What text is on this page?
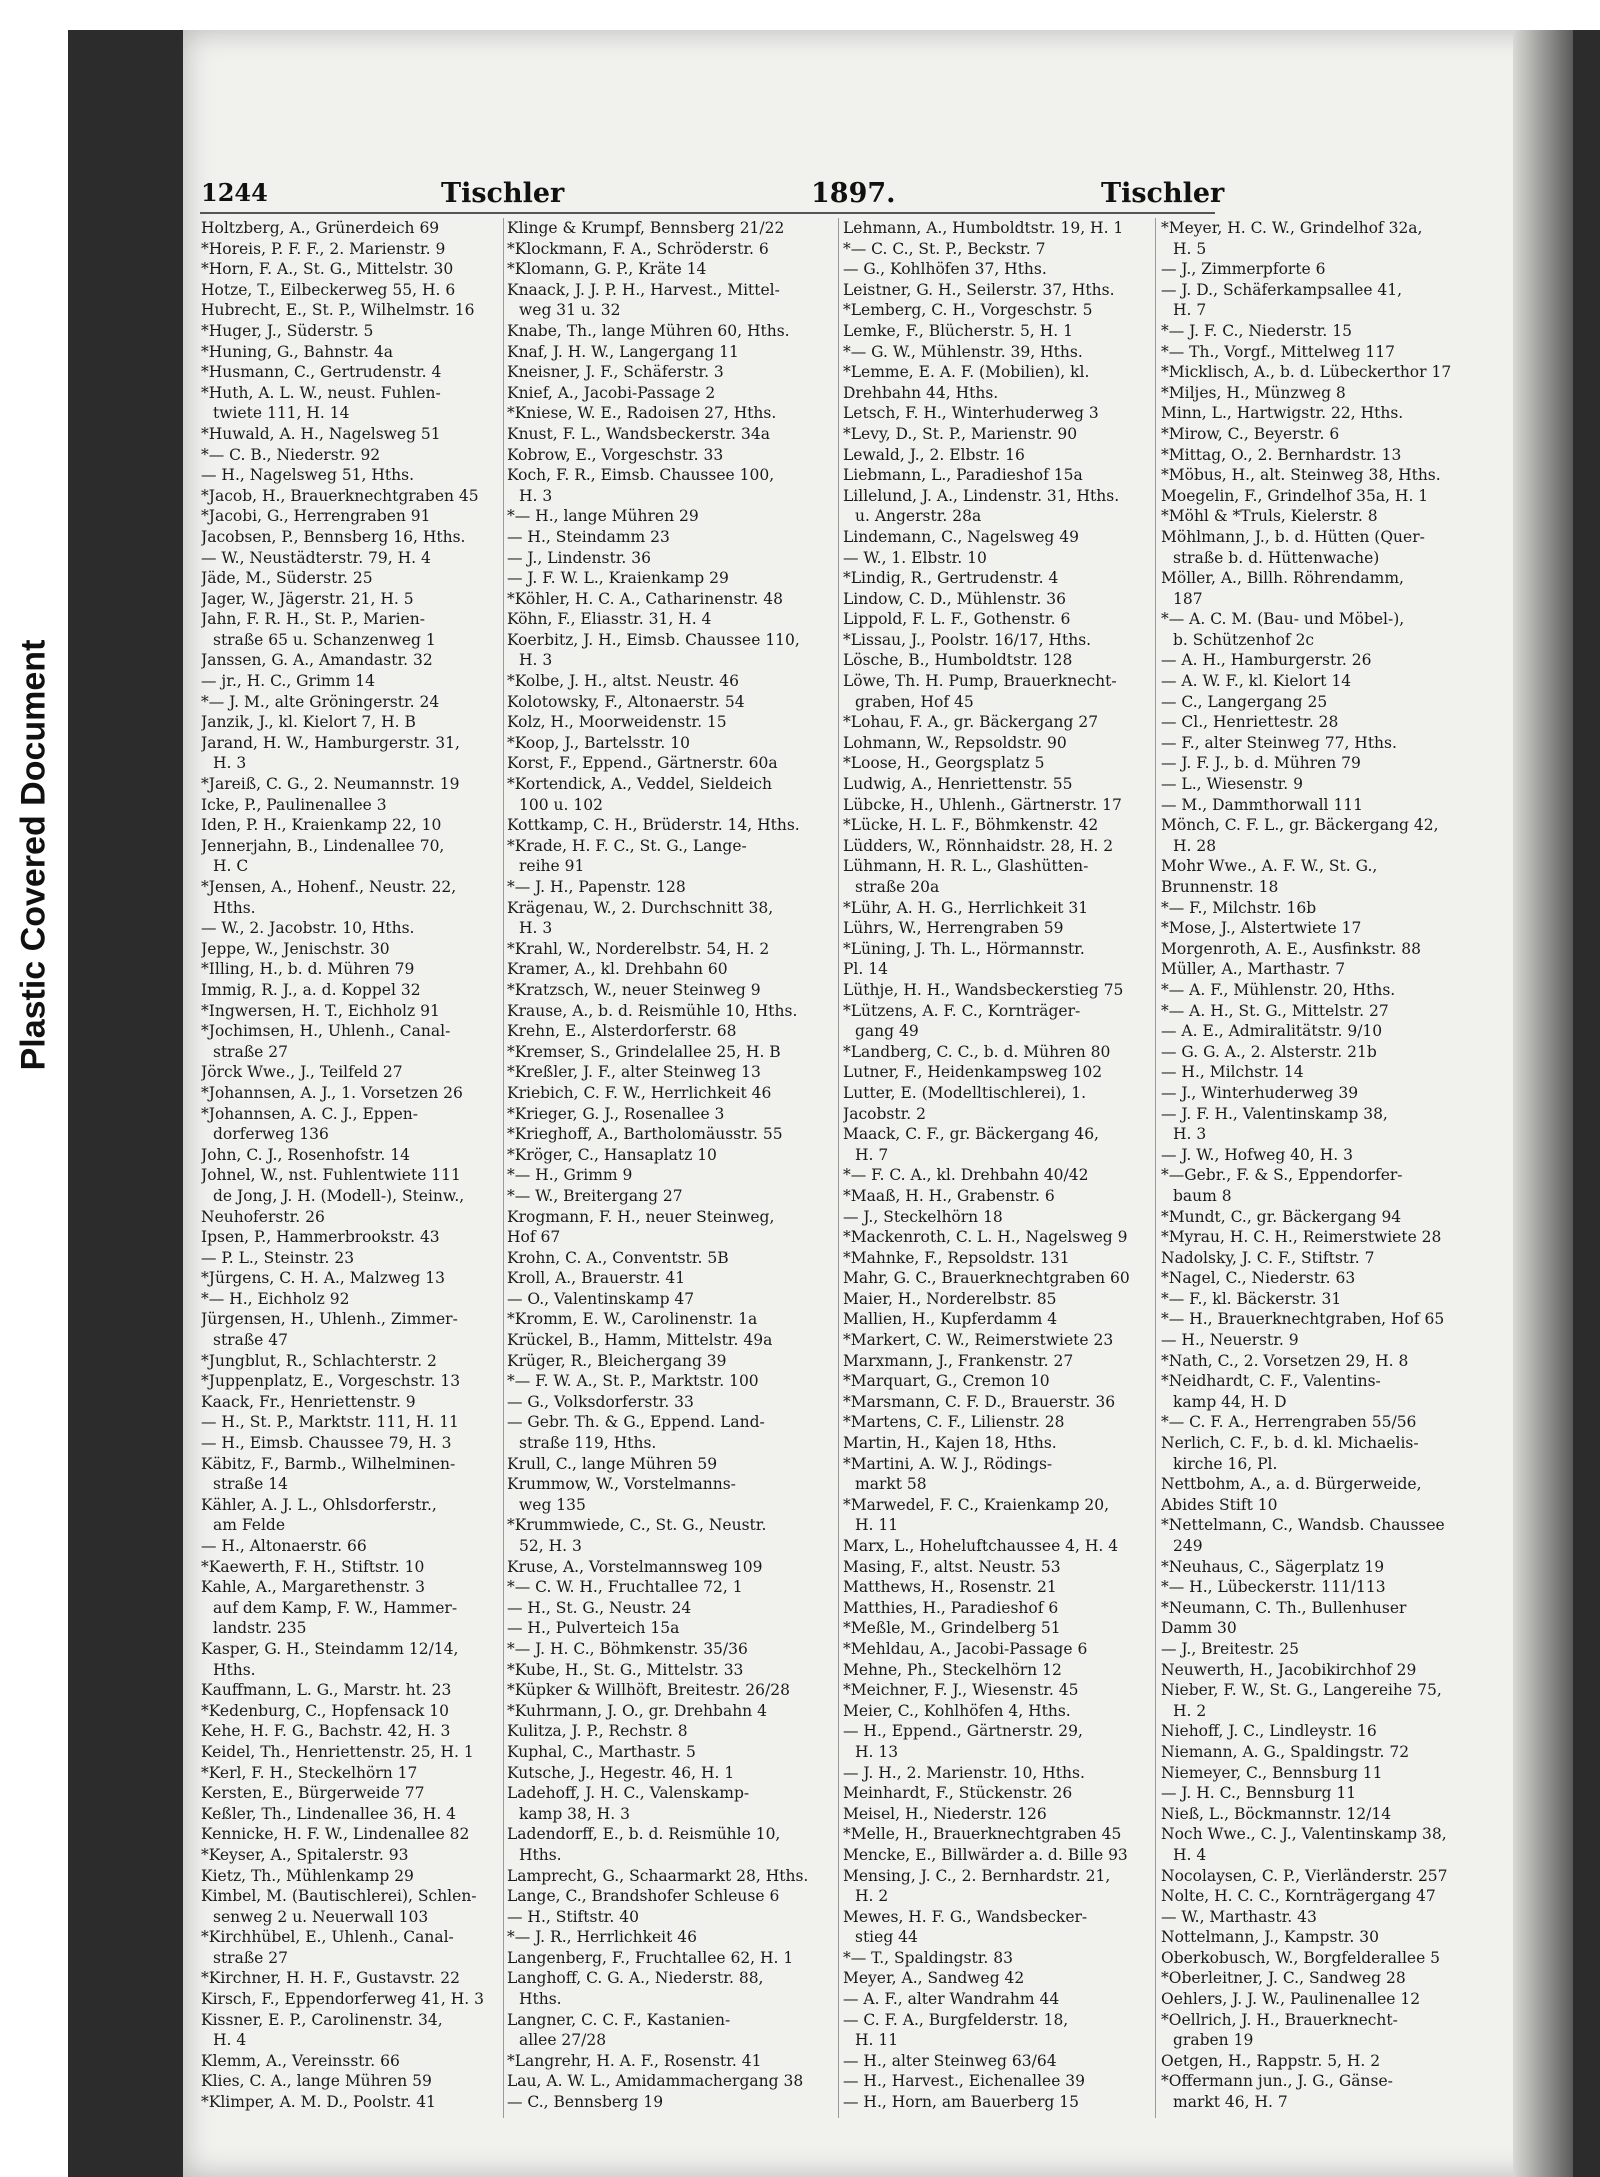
Plastic Covered Document
1244	Tischler	1897.	Tischler
Holtzberg, A., Grünerdeich 69
*Horeis, P. F. F., 2. Marienstr. 9
*Horn, F. A., St. G., Mittelstr. 30
Hotze, T., Eilbeckerweg 55, H. 6
Hubrecht, E., St. P., Wilhelmstr. 16
*Huger, J., Süderstr. 5
*Huning, G., Bahnstr. 4a
*Husmann, C., Gertrudenstr. 4
*Huth, A. L. W., neust. Fuhlen-
twiete 111, H. 14
*Huwald, A. H., Nagelsweg 51
*— C. B., Niederstr. 92
— H., Nagelsweg 51, Hths.
*Jacob, H., Brauerknechtgraben 45
*Jacobi, G., Herrengraben 91
Jacobsen, P., Bennsberg 16, Hths.
— W., Neustädterstr. 79, H. 4
Jäde, M., Süderstr. 25
Jager, W., Jägerstr. 21, H. 5
Jahn, F. R. H., St. P., Marien-
straße 65 u. Schanzenweg 1
Janssen, G. A., Amandastr. 32
— jr., H. C., Grimm 14
*— J. M., alte Gröningerstr. 24
Janzik, J., kl. Kielort 7, H. B
Jarand, H. W., Hamburgerstr. 31,
H. 3
*Jareiß, C. G., 2. Neumannstr. 19
Icke, P., Paulinenallee 3
Iden, P. H., Kraienkamp 22, 10
Jennerjahn, B., Lindenallee 70,
H. C
*Jensen, A., Hohenf., Neustr. 22,
Hths.
— W., 2. Jacobstr. 10, Hths.
Jeppe, W., Jenischstr. 30
*Illing, H., b. d. Mühren 79
Immig, R. J., a. d. Koppel 32
*Ingwersen, H. T., Eichholz 91
*Jochimsen, H., Uhlenh., Canal-
straße 27
Jörck Wwe., J., Teilfeld 27
*Johannsen, A. J., 1. Vorsetzen 26
*Johannsen, A. C. J., Eppen-
dorferweg 136
John, C. J., Rosenhofstr. 14
Johnel, W., nst. Fuhlentwiete 111
de Jong, J. H. (Modell-), Steinw.,
Neuhoferstr. 26
Ipsen, P., Hammerbrookstr. 43
— P. L., Steinstr. 23
*Jürgens, C. H. A., Malzweg 13
*— H., Eichholz 92
Jürgensen, H., Uhlenh., Zimmer-
straße 47
*Jungblut, R., Schlachterstr. 2
*Juppenplatz, E., Vorgeschstr. 13
Kaack, Fr., Henriettenstr. 9
— H., St. P., Marktstr. 111, H. 11
— H., Eimsb. Chaussee 79, H. 3
Käbitz, F., Barmb., Wilhelminen-
straße 14
Kähler, A. J. L., Ohlsdorferstr.,
am Felde
— H., Altonaerstr. 66
*Kaewerth, F. H., Stiftstr. 10
Kahle, A., Margarethenstr. 3
auf dem Kamp, F. W., Hammer-
landstr. 235
Kasper, G. H., Steindamm 12/14,
Hths.
Kauffmann, L. G., Marstr. ht. 23
*Kedenburg, C., Hopfensack 10
Kehe, H. F. G., Bachstr. 42, H. 3
Keidel, Th., Henriettenstr. 25, H. 1
*Kerl, F. H., Steckelhörn 17
Kersten, E., Bürgerweide 77
Keßler, Th., Lindenallee 36, H. 4
Kennicke, H. F. W., Lindenallee 82
*Keyser, A., Spitalerstr. 93
Kietz, Th., Mühlenkamp 29
Kimbel, M. (Bautischlerei), Schlen-
senweg 2 u. Neuerwall 103
*Kirchhübel, E., Uhlenh., Canal-
straße 27
*Kirchner, H. H. F., Gustavstr. 22
Kirsch, F., Eppendorferweg 41, H. 3
Kissner, E. P., Carolinenstr. 34,
H. 4
Klemm, A., Vereinsstr. 66
Klies, C. A., lange Mühren 59
*Klimper, A. M. D., Poolstr. 41
Klinge & Krumpf, Bennsberg 21/22
*Klockmann, F. A., Schröderstr. 6
*Klomann, G. P., Kräte 14
Knaack, J. J. P. H., Harvest., Mittel-
weg 31 u. 32
Knabe, Th., lange Mühren 60, Hths.
Knaf, J. H. W., Langergang 11
Kneisner, J. F., Schäferstr. 3
Knief, A., Jacobi-Passage 2
*Kniese, W. E., Radoisen 27, Hths.
Knust, F. L., Wandsbeckerstr. 34a
Kobrow, E., Vorgeschstr. 33
Koch, F. R., Eimsb. Chaussee 100,
H. 3
*— H., lange Mühren 29
— H., Steindamm 23
— J., Lindenstr. 36
— J. F. W. L., Kraienkamp 29
*Köhler, H. C. A., Catharinenstr. 48
Köhn, F., Eliasstr. 31, H. 4
Koerbitz, J. H., Eimsb. Chaussee 110,
H. 3
*Kolbe, J. H., altst. Neustr. 46
Kolotowsky, F., Altonaerstr. 54
Kolz, H., Moorweidenstr. 15
*Koop, J., Bartelsstr. 10
Korst, F., Eppend., Gärtnerstr. 60a
*Kortendick, A., Veddel, Sieldeich
100 u. 102
Kottkamp, C. H., Brüderstr. 14, Hths.
*Krade, H. F. C., St. G., Lange-
reihe 91
*— J. H., Papenstr. 128
Krägenau, W., 2. Durchschnitt 38,
H. 3
*Krahl, W., Norderelbstr. 54, H. 2
Kramer, A., kl. Drehbahn 60
*Kratzsch, W., neuer Steinweg 9
Krause, A., b. d. Reismühle 10, Hths.
Krehn, E., Alsterdorferstr. 68
*Kremser, S., Grindelallee 25, H. B
*Kreßler, J. F., alter Steinweg 13
Kriebich, C. F. W., Herrlichkeit 46
*Krieger, G. J., Rosenallee 3
*Krieghoff, A., Bartholomäusstr. 55
*Kröger, C., Hansaplatz 10
*— H., Grimm 9
*— W., Breitergang 27
Krogmann, F. H., neuer Steinweg,
Hof 67
Krohn, C. A., Conventstr. 5B
Kroll, A., Brauerstr. 41
— O., Valentinskamp 47
*Kromm, E. W., Carolinenstr. 1a
Krückel, B., Hamm, Mittelstr. 49a
Krüger, R., Bleichergang 39
*— F. W. A., St. P., Marktstr. 100
— G., Volksdorferstr. 33
— Gebr. Th. & G., Eppend. Land-
straße 119, Hths.
Krull, C., lange Mühren 59
Krummow, W., Vorstelmanns-
weg 135
*Krummwiede, C., St. G., Neustr.
52, H. 3
Kruse, A., Vorstelmannsweg 109
*— C. W. H., Fruchtallee 72, 1
— H., St. G., Neustr. 24
— H., Pulverteich 15a
*— J. H. C., Böhmkenstr. 35/36
*Kube, H., St. G., Mittelstr. 33
*Küpker & Willhöft, Breitestr. 26/28
*Kuhrmann, J. O., gr. Drehbahn 4
Kulitza, J. P., Rechstr. 8
Kuphal, C., Marthastr. 5
Kutsche, J., Hegestr. 46, H. 1
Ladehoff, J. H. C., Valenskamp-
kamp 38, H. 3
Ladendorff, E., b. d. Reismühle 10,
Hths.
Lamprecht, G., Schaarmarkt 28, Hths.
Lange, C., Brandshofer Schleuse 6
— H., Stiftstr. 40
*— J. R., Herrlichkeit 46
Langenberg, F., Fruchtallee 62, H. 1
Langhoff, C. G. A., Niederstr. 88,
Hths.
Langner, C. C. F., Kastanien-
allee 27/28
*Langrehr, H. A. F., Rosenstr. 41
Lau, A. W. L., Amidammachergang 38
— C., Bennsberg 19
Lehmann, A., Humboldtstr. 19, H. 1
*— C. C., St. P., Beckstr. 7
— G., Kohlhöfen 37, Hths.
Leistner, G. H., Seilerstr. 37, Hths.
*Lemberg, C. H., Vorgeschstr. 5
Lemke, F., Blücherstr. 5, H. 1
*— G. W., Mühlenstr. 39, Hths.
*Lemme, E. A. F. (Mobilien), kl.
Drehbahn 44, Hths.
Letsch, F. H., Winterhuderweg 3
*Levy, D., St. P., Marienstr. 90
Lewald, J., 2. Elbstr. 16
Liebmann, L., Paradieshof 15a
Lillelund, J. A., Lindenstr. 31, Hths.
u. Angerstr. 28a
Lindemann, C., Nagelsweg 49
— W., 1. Elbstr. 10
*Lindig, R., Gertrudenstr. 4
Lindow, C. D., Mühlenstr. 36
Lippold, F. L. F., Gothenstr. 6
*Lissau, J., Poolstr. 16/17, Hths.
Lösche, B., Humboldtstr. 128
Löwe, Th. H. Pump, Brauerknecht-
graben, Hof 45
*Lohau, F. A., gr. Bäckergang 27
Lohmann, W., Repsoldstr. 90
*Loose, H., Georgsplatz 5
Ludwig, A., Henriettenstr. 55
Lübcke, H., Uhlenh., Gärtnerstr. 17
*Lücke, H. L. F., Böhmkenstr. 42
Lüdders, W., Rönnhaidstr. 28, H. 2
Lühmann, H. R. L., Glashütten-
straße 20a
*Lühr, A. H. G., Herrlichkeit 31
Lührs, W., Herrengraben 59
*Lüning, J. Th. L., Hörmannstr.
Pl. 14
Lüthje, H. H., Wandsbeckerstieg 75
*Lützens, A. F. C., Kornträger-
gang 49
*Landberg, C. C., b. d. Mühren 80
Lutner, F., Heidenkampsweg 102
Lutter, E. (Modelltischlerei), 1.
Jacobstr. 2
Maack, C. F., gr. Bäckergang 46,
H. 7
*— F. C. A., kl. Drehbahn 40/42
*Maaß, H. H., Grabenstr. 6
— J., Steckelhörn 18
*Mackenroth, C. L. H., Nagelsweg 9
*Mahnke, F., Repsoldstr. 131
Mahr, G. C., Brauerknechtgraben 60
Maier, H., Norderelbstr. 85
Mallien, H., Kupferdamm 4
*Markert, C. W., Reimerstwiete 23
Marxmann, J., Frankenstr. 27
*Marquart, G., Cremon 10
*Marsmann, C. F. D., Brauerstr. 36
*Martens, C. F., Lilienstr. 28
Martin, H., Kajen 18, Hths.
*Martini, A. W. J., Rödings-
markt 58
*Marwedel, F. C., Kraienkamp 20,
H. 11
Marx, L., Hoheluftchaussee 4, H. 4
Masing, F., altst. Neustr. 53
Matthews, H., Rosenstr. 21
Matthies, H., Paradieshof 6
*Meßle, M., Grindelberg 51
*Mehldau, A., Jacobi-Passage 6
Mehne, Ph., Steckelhörn 12
*Meichner, F. J., Wiesenstr. 45
Meier, C., Kohlhöfen 4, Hths.
— H., Eppend., Gärtnerstr. 29,
H. 13
— J. H., 2. Marienstr. 10, Hths.
Meinhardt, F., Stückenstr. 26
Meisel, H., Niederstr. 126
*Melle, H., Brauerknechtgraben 45
Mencke, E., Billwärder a. d. Bille 93
Mensing, J. C., 2. Bernhardstr. 21,
H. 2
Mewes, H. F. G., Wandsbecker-
stieg 44
*— T., Spaldingstr. 83
Meyer, A., Sandweg 42
— A. F., alter Wandrahm 44
— C. F. A., Burgfelderstr. 18,
H. 11
— H., alter Steinweg 63/64
— H., Harvest., Eichenallee 39
— H., Horn, am Bauerberg 15
*Meyer, H. C. W., Grindelhof 32a,
H. 5
— J., Zimmerpforte 6
— J. D., Schäferkampsallee 41,
H. 7
*— J. F. C., Niederstr. 15
*— Th., Vorgf., Mittelweg 117
*Micklisch, A., b. d. Lübeckerthor 17
*Miljes, H., Münzweg 8
Minn, L., Hartwigstr. 22, Hths.
*Mirow, C., Beyerstr. 6
*Mittag, O., 2. Bernhardstr. 13
*Möbus, H., alt. Steinweg 38, Hths.
Moegelin, F., Grindelhof 35a, H. 1
*Möhl & *Truls, Kielerstr. 8
Möhlmann, J., b. d. Hütten (Quer-
straße b. d. Hüttenwache)
Möller, A., Billh. Röhrendamm,
187
*— A. C. M. (Bau- und Möbel-),
b. Schützenhof 2c
— A. H., Hamburgerstr. 26
— A. W. F., kl. Kielort 14
— C., Langergang 25
— Cl., Henriettestr. 28
— F., alter Steinweg 77, Hths.
— J. F. J., b. d. Mühren 79
— L., Wiesenstr. 9
— M., Dammthorwall 111
Mönch, C. F. L., gr. Bäckergang 42,
H. 28
Mohr Wwe., A. F. W., St. G.,
Brunnenstr. 18
*— F., Milchstr. 16b
*Mose, J., Alstertwiete 17
Morgenroth, A. E., Ausfinkstr. 88
Müller, A., Marthastr. 7
*— A. F., Mühlenstr. 20, Hths.
*— A. H., St. G., Mittelstr. 27
— A. E., Admiralitätstr. 9/10
— G. G. A., 2. Alsterstr. 21b
— H., Milchstr. 14
— J., Winterhuderweg 39
— J. F. H., Valentinskamp 38,
H. 3
— J. W., Hofweg 40, H. 3
*—Gebr., F. & S., Eppendorfer-
baum 8
*Mundt, C., gr. Bäckergang 94
*Myrau, H. C. H., Reimerstwiete 28
Nadolsky, J. C. F., Stiftstr. 7
*Nagel, C., Niederstr. 63
*— F., kl. Bäckerstr. 31
*— H., Brauerknechtgraben, Hof 65
— H., Neuerstr. 9
*Nath, C., 2. Vorsetzen 29, H. 8
*Neidhardt, C. F., Valentins-
kamp 44, H. D
*— C. F. A., Herrengraben 55/56
Nerlich, C. F., b. d. kl. Michaelis-
kirche 16, Pl.
Nettbohm, A., a. d. Bürgerweide,
Abides Stift 10
*Nettelmann, C., Wandsb. Chaussee
249
*Neuhaus, C., Sägerplatz 19
*— H., Lübeckerstr. 111/113
*Neumann, C. Th., Bullenhuser
Damm 30
— J., Breitestr. 25
Neuwerth, H., Jacobikirchhof 29
Nieber, F. W., St. G., Langereihe 75,
H. 2
Niehoff, J. C., Lindleystr. 16
Niemann, A. G., Spaldingstr. 72
Niemeyer, C., Bennsburg 11
— J. H. C., Bennsburg 11
Nieß, L., Böckmannstr. 12/14
Noch Wwe., C. J., Valentinskamp 38,
H. 4
Nocolaysen, C. P., Vierländerstr. 257
Nolte, H. C. C., Kornträgergang 47
— W., Marthastr. 43
Nottelmann, J., Kampstr. 30
Oberkobusch, W., Borgfelderallee 5
*Oberleitner, J. C., Sandweg 28
Oehlers, J. J. W., Paulinenallee 12
*Oellrich, J. H., Brauerknecht-
graben 19
Oetgen, H., Rappstr. 5, H. 2
*Offermann jun., J. G., Gänse-
markt 46, H. 7
